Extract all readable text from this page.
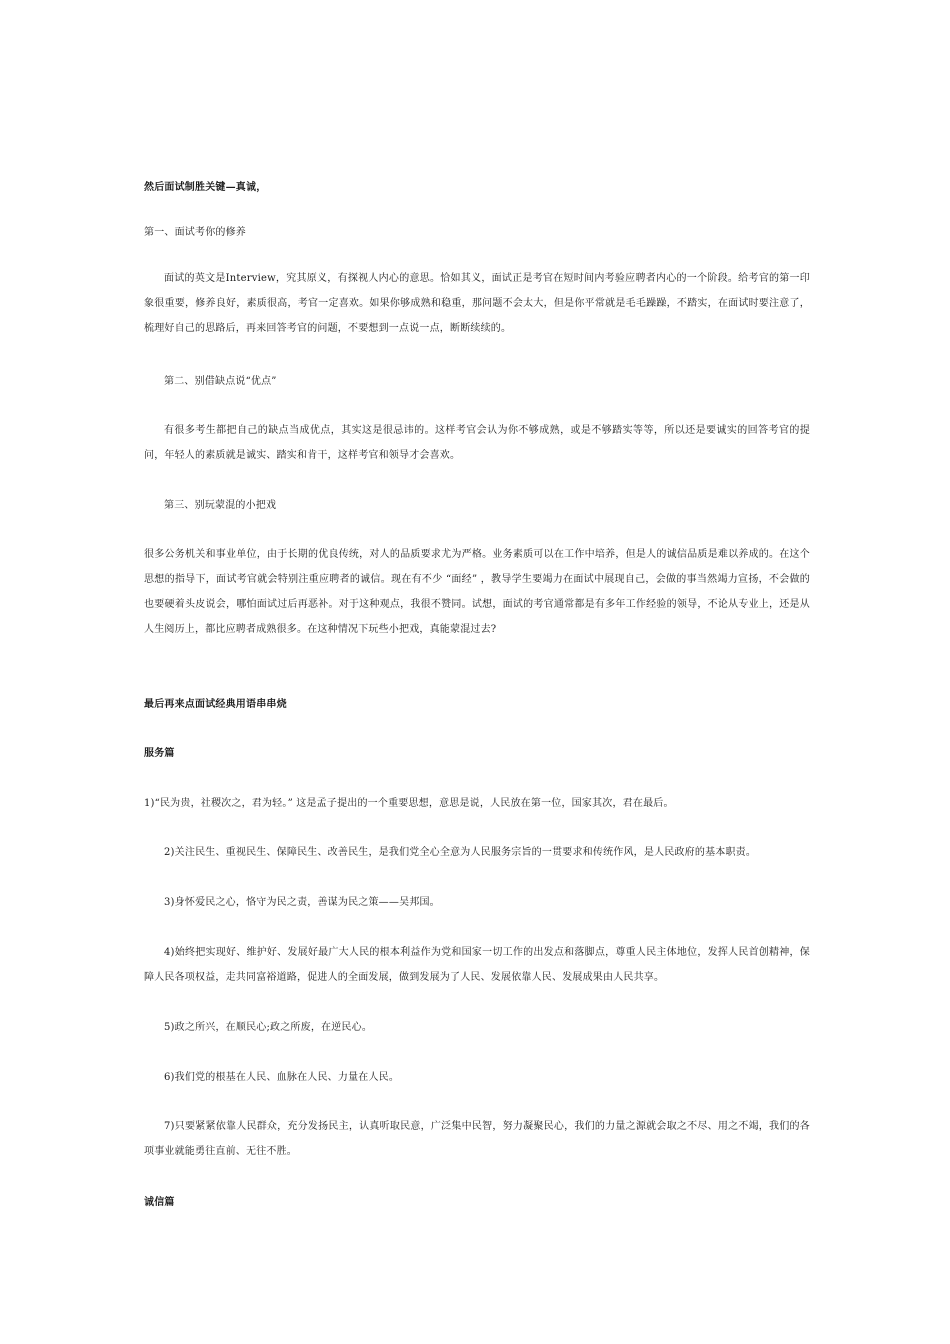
然后面试制胜关键—真诚，
第一、面试考你的修养
面试的英文是Interview，究其原义，有探视人内心的意思。恰如其义，面试正是考官在短时间内考验应聘者内心的一个阶段。给考官的第一印象很重要，修养良好，素质很高，考官一定喜欢。如果你够成熟和稳重，那问题不会太大，但是你平常就是毛毛躁躁，不踏实，在面试时要注意了，梳理好自己的思路后，再来回答考官的问题，不要想到一点说一点，断断续续的。
第二、别借缺点说“优点”
有很多考生都把自己的缺点当成优点，其实这是很忌讳的。这样考官会认为你不够成熟，或是不够踏实等等，所以还是要诚实的回答考官的提问，年轻人的素质就是诚实、踏实和肯干，这样考官和领导才会喜欢。
第三、别玩蒙混的小把戏
很多公务机关和事业单位，由于长期的优良传统，对人的品质要求尤为严格。业务素质可以在工作中培养，但是人的诚信品质是难以养成的。在这个思想的指导下，面试考官就会特别注重应聘者的诚信。现在有不少 “面经” ，教导学生要竭力在面试中展现自己，会做的事当然竭力宣扬，不会做的也要硬着头皮说会，哪怕面试过后再恶补。对于这种观点，我很不赞同。试想，面试的考官通常都是有多年工作经验的领导，不论从专业上，还是从人生阅历上，都比应聘者成熟很多。在这种情况下玩些小把戏，真能蒙混过去?
最后再来点面试经典用语串串烧
服务篇
1)“民为贵，社稷次之，君为轻。” 这是孟子提出的一个重要思想，意思是说，人民放在第一位，国家其次，君在最后。
2)关注民生、重视民生、保障民生、改善民生，是我们党全心全意为人民服务宗旨的一贯要求和传统作风，是人民政府的基本职责。
3)身怀爱民之心，恪守为民之责，善谋为民之策——吴邦国。
4)始终把实现好、维护好、发展好最广大人民的根本利益作为党和国家一切工作的出发点和落脚点，尊重人民主体地位，发挥人民首创精神，保障人民各项权益，走共同富裕道路，促进人的全面发展，做到发展为了人民、发展依靠人民、发展成果由人民共享。
5)政之所兴，在顺民心;政之所废，在逆民心。
6)我们党的根基在人民、血脉在人民、力量在人民。
7)只要紧紧依靠人民群众，充分发扬民主，认真听取民意，广泛集中民智，努力凝聚民心，我们的力量之源就会取之不尽、用之不竭，我们的各项事业就能勇往直前、无往不胜。
诚信篇
